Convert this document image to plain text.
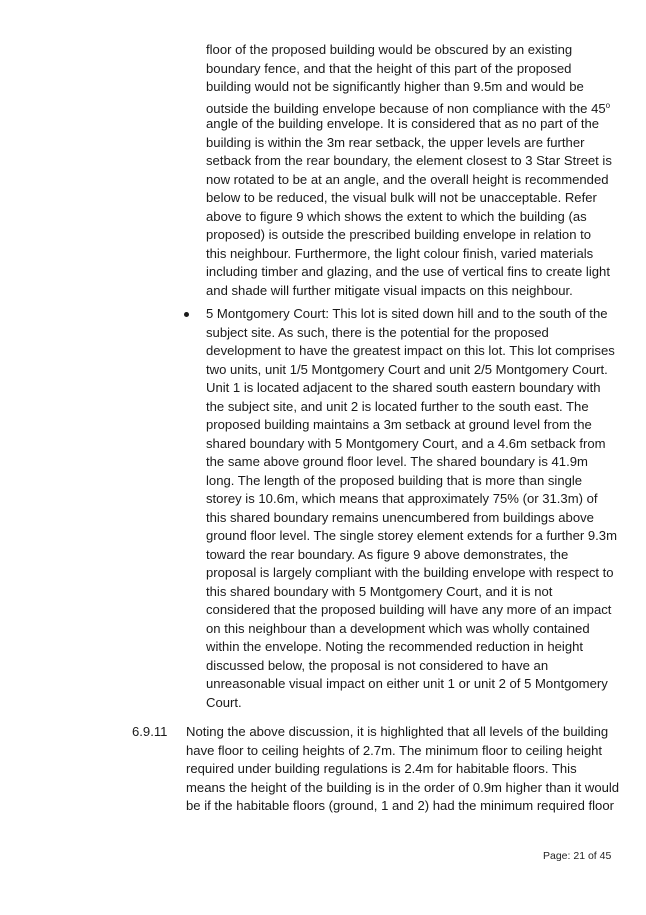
floor of the proposed building would be obscured by an existing
boundary fence, and that the height of this part of the proposed
building would not be significantly higher than 9.5m and would be
outside the building envelope because of non compliance with the 45$^o$
angle of the building envelope. It is considered that as no part of the
building is within the 3m rear setback, the upper levels are further
setback from the rear boundary, the element closest to 3 Star Street is
now rotated to be at an angle, and the overall height is recommended
below to be reduced, the visual bulk will not be unacceptable. Refer
above to figure 9 which shows the extent to which the building (as
proposed) is outside the prescribed building envelope in relation to
this neighbour. Furthermore, the light colour finish, varied materials
including timber and glazing, and the use of vertical fins to create light
and shade will further mitigate visual impacts on this neighbour.
5 Montgomery Court: This lot is sited down hill and to the south of the
subject site. As such, there is the potential for the proposed
development to have the greatest impact on this lot. This lot comprises
two units, unit 1/5 Montgomery Court and unit 2/5 Montgomery Court.
Unit 1 is located adjacent to the shared south eastern boundary with
the subject site, and unit 2 is located further to the south east. The
proposed building maintains a 3m setback at ground level from the
shared boundary with 5 Montgomery Court, and a 4.6m setback from
the same above ground floor level. The shared boundary is 41.9m
long. The length of the proposed building that is more than single
storey is 10.6m, which means that approximately 75% (or 31.3m) of
this shared boundary remains unencumbered from buildings above
ground floor level. The single storey element extends for a further 9.3m
toward the rear boundary. As figure 9 above demonstrates, the
proposal is largely compliant with the building envelope with respect to
this shared boundary with 5 Montgomery Court, and it is not
considered that the proposed building will have any more of an impact
on this neighbour than a development which was wholly contained
within the envelope. Noting the recommended reduction in height
discussed below, the proposal is not considered to have an
unreasonable visual impact on either unit 1 or unit 2 of 5 Montgomery
Court.
6.9.11 Noting the above discussion, it is highlighted that all levels of the building
have floor to ceiling heights of 2.7m. The minimum floor to ceiling height
required under building regulations is 2.4m for habitable floors. This
means the height of the building is in the order of 0.9m higher than it would
be if the habitable floors (ground, 1 and 2) had the minimum required floor
Page: 21 of 45
